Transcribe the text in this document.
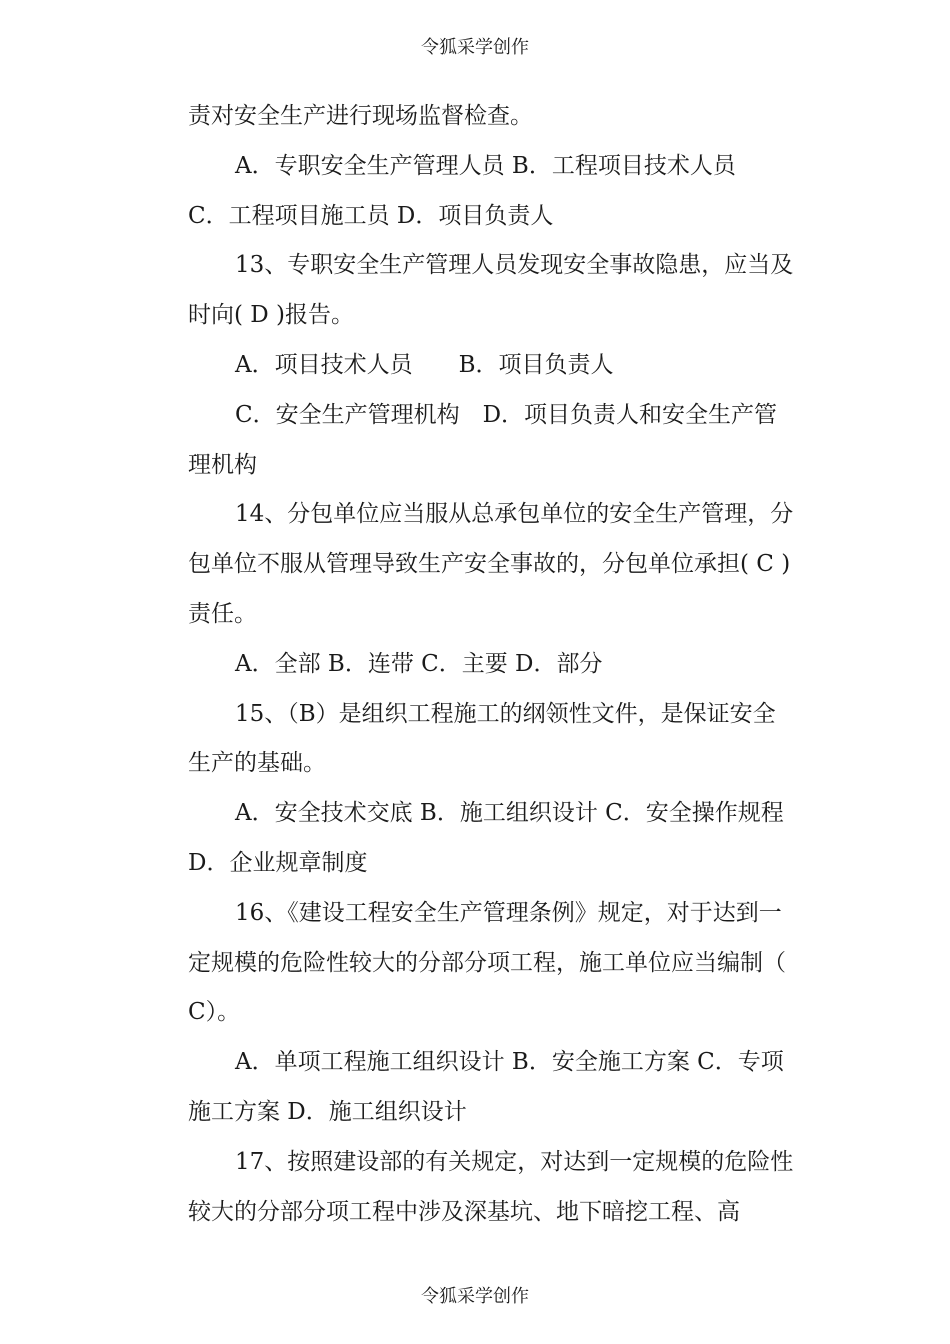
令狐采学创作

责对安全生产进行现场监督检查。

A．专职安全生产管理人员 B．工程项目技术人员

C．工程项目施工员 D．项目负责人

13、专职安全生产管理人员发现安全事故隐患，应当及时向( D )报告。

A．项目技术人员　　B．项目负责人

C．安全生产管理机构　D．项目负责人和安全生产管理机构

14、分包单位应当服从总承包单位的安全生产管理，分包单位不服从管理导致生产安全事故的，分包单位承担( C )责任。

A．全部 B．连带 C．主要 D．部分

15、（B）是组织工程施工的纲领性文件，是保证安全生产的基础。

A．安全技术交底 B．施工组织设计 C．安全操作规程 D．企业规章制度

16、《建设工程安全生产管理条例》规定，对于达到一定规模的危险性较大的分部分项工程，施工单位应当编制（ C）。

A．单项工程施工组织设计 B．安全施工方案 C．专项施工方案 D．施工组织设计

17、按照建设部的有关规定，对达到一定规模的危险性较大的分部分项工程中涉及深基坑、地下暗挖工程、高

令狐采学创作
